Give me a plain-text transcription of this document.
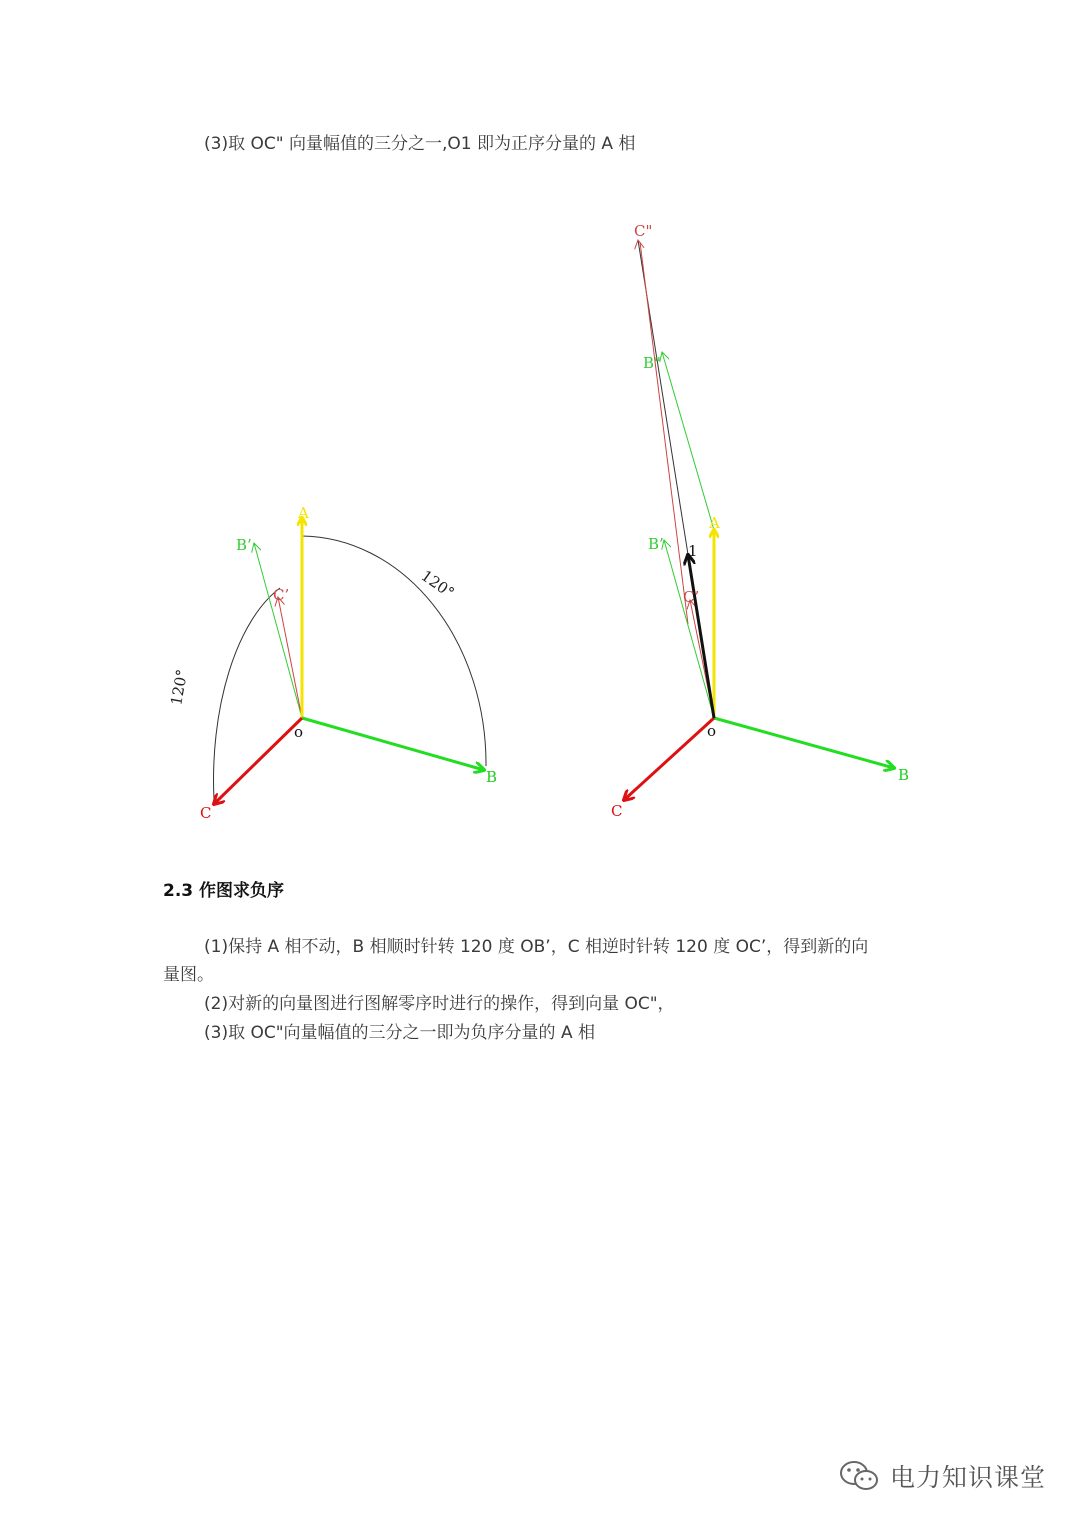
(3)取 OC" 向量幅值的三分之一,O1 即为正序分量的 A 相
A
B
C
o
B’
C’	120°
120°
A
B
C
o
B’
C’
C"
B"
1
2.3 作图求负序
(1)保持 A 相不动，B 相顺时针转 120 度 OB’，C 相逆时针转 120 度 OC’，得到新的向
量图。
(2)对新的向量图进行图解零序时进行的操作，得到向量 OC"，
(3)取 OC"向量幅值的三分之一即为负序分量的 A 相
电力知识课堂
